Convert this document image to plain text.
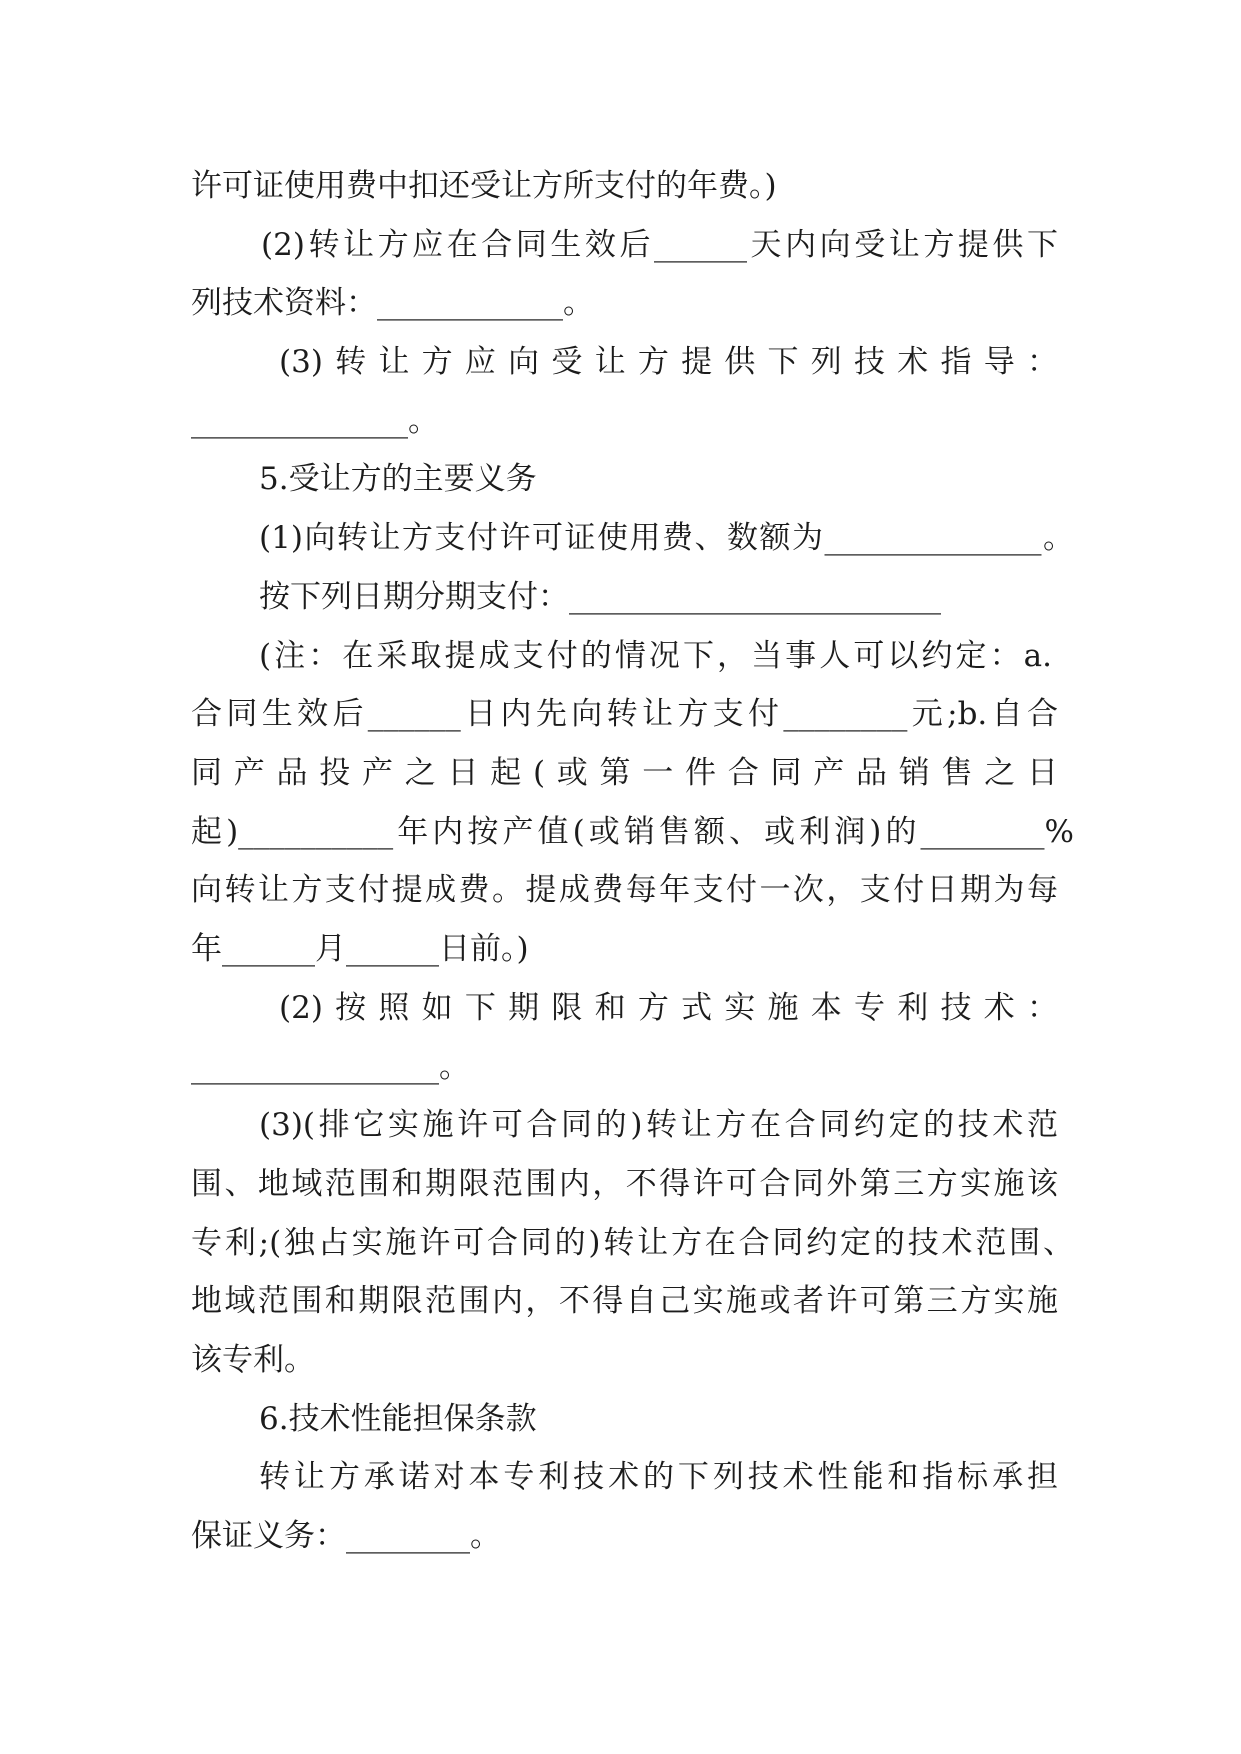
许可证使用费中扣还受让方所支付的年费。)
(2)转让方应在合同生效后______天内向受让方提供下
列技术资料：____________。
(3)转让方应向受让方提供下列技术指导：
______________。
5.受让方的主要义务
(1)向转让方支付许可证使用费、数额为______________。
按下列日期分期支付：________________________
(注：在采取提成支付的情况下，当事人可以约定：a.
合同生效后______日内先向转让方支付________元;b.自合
同产品投产之日起(或第一件合同产品销售之日
起)__________年内按产值(或销售额、或利润)的________%
向转让方支付提成费。提成费每年支付一次，支付日期为每
年______月______日前。)
(2)按照如下期限和方式实施本专利技术：
________________。
(3)(排它实施许可合同的)转让方在合同约定的技术范
围、地域范围和期限范围内，不得许可合同外第三方实施该
专利;(独占实施许可合同的)转让方在合同约定的技术范围、
地域范围和期限范围内，不得自己实施或者许可第三方实施
该专利。
6.技术性能担保条款
转让方承诺对本专利技术的下列技术性能和指标承担
保证义务：________。
